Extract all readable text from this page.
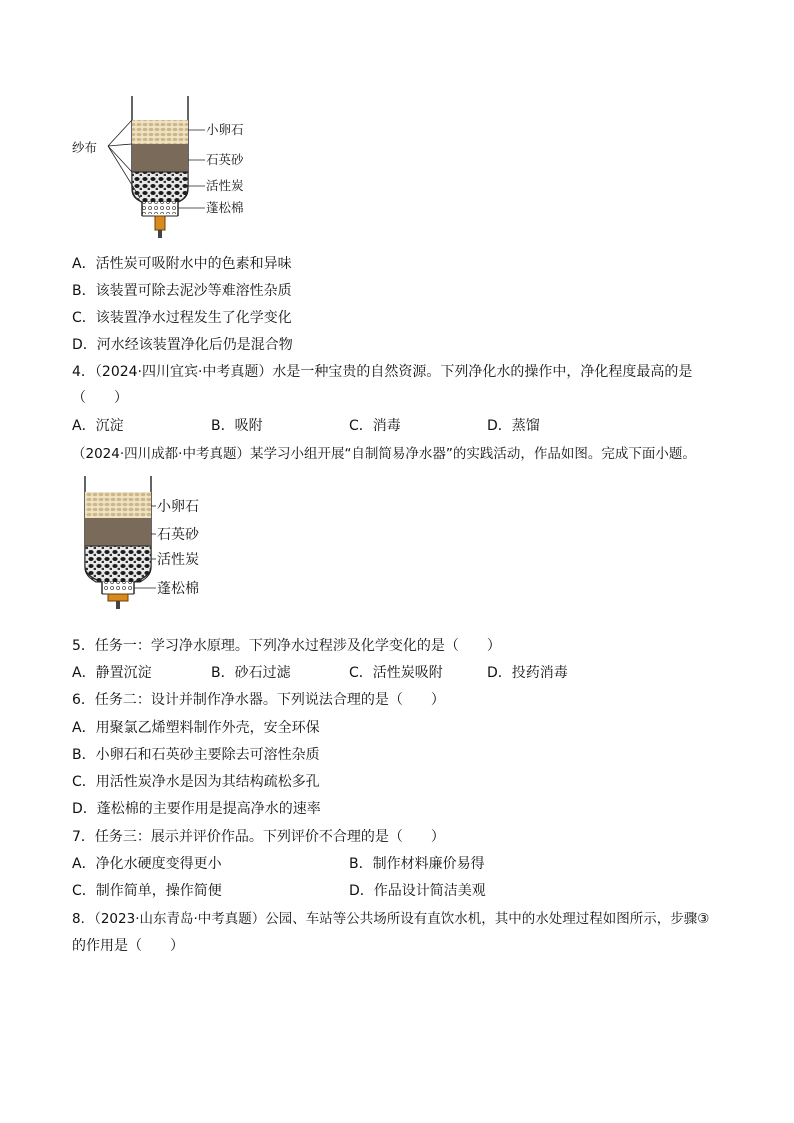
纱布
小卵石
石英砂
活性炭
蓬松棉
A．活性炭可吸附水中的色素和异味
B．该装置可除去泥沙等难溶性杂质
C．该装置净水过程发生了化学变化
D．河水经该装置净化后仍是混合物
4．（2024·四川宜宾·中考真题）水是一种宝贵的自然资源。下列净化水的操作中，净化程度最高的是
（　　）
A．沉淀	B．吸附	C．消毒	D．蒸馏
（2024·四川成都·中考真题）某学习小组开展“自制简易净水器”的实践活动，作品如图。完成下面小题。
小卵石
石英砂
活性炭
蓬松棉
5．任务一：学习净水原理。下列净水过程涉及化学变化的是（　　）
A．静置沉淀	B．砂石过滤	C．活性炭吸附	D．投药消毒
6．任务二：设计并制作净水器。下列说法合理的是（　　）
A．用聚氯乙烯塑料制作外壳，安全环保
B．小卵石和石英砂主要除去可溶性杂质
C．用活性炭净水是因为其结构疏松多孔
D．蓬松棉的主要作用是提高净水的速率
7．任务三：展示并评价作品。下列评价不合理的是（　　）
A．净化水硬度变得更小	B．制作材料廉价易得
C．制作简单，操作简便	D．作品设计简洁美观
8．（2023·山东青岛·中考真题）公园、车站等公共场所设有直饮水机，其中的水处理过程如图所示，步骤③
的作用是（　　）
